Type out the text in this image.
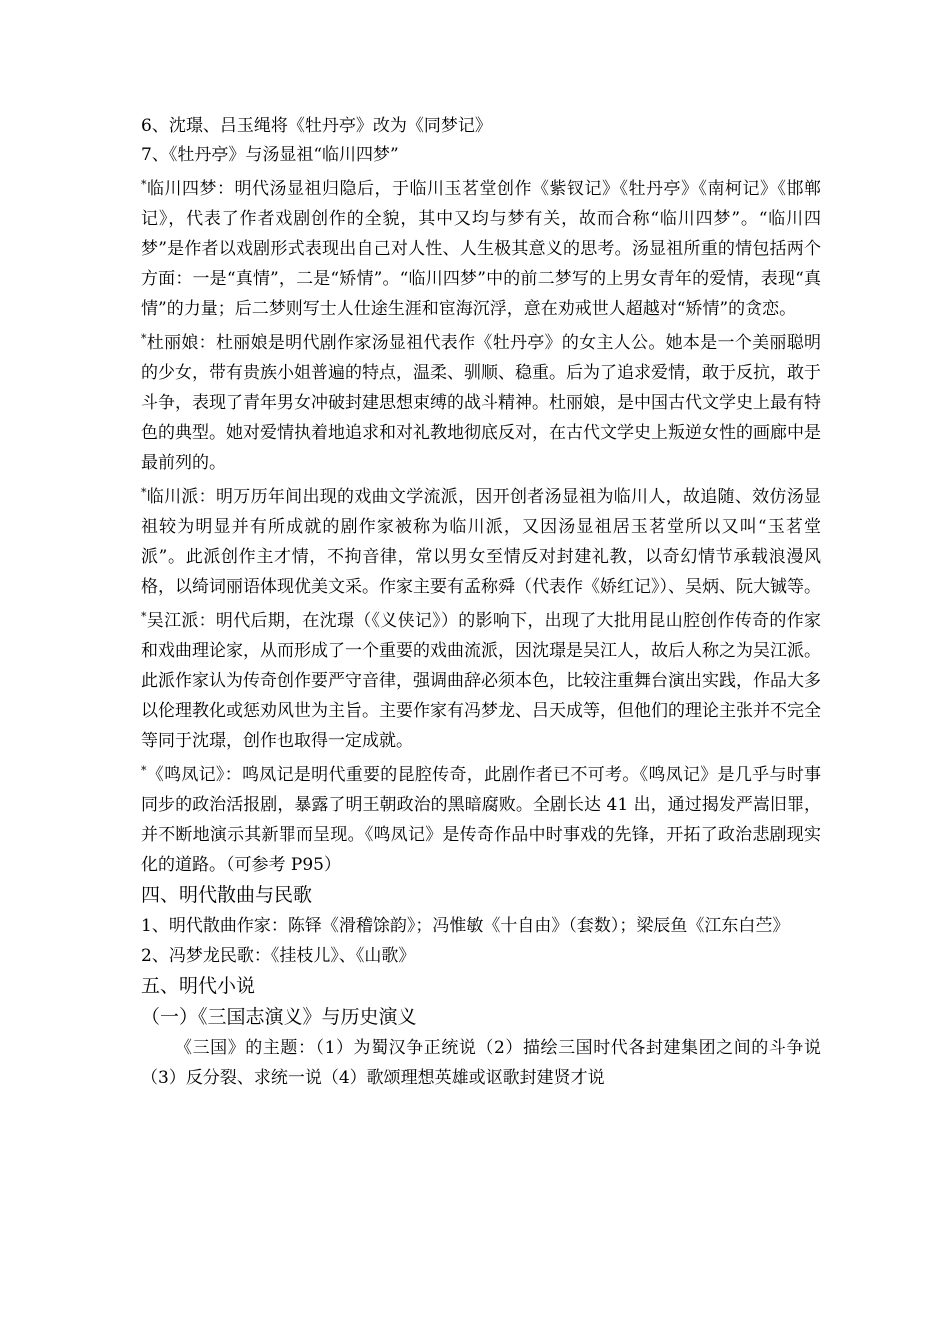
6、沈璟、吕玉绳将《牡丹亭》改为《同梦记》
7、《牡丹亭》与汤显祖“临川四梦”
*临川四梦：明代汤显祖归隐后，于临川玉茗堂创作《紫钗记》《牡丹亭》《南柯记》《邯郸记》，代表了作者戏剧创作的全貌，其中又均与梦有关，故而合称“临川四梦”。“临川四梦”是作者以戏剧形式表现出自己对人性、人生极其意义的思考。汤显祖所重的情包括两个方面：一是“真情”，二是“矫情”。“临川四梦”中的前二梦写的上男女青年的爱情，表现“真情”的力量；后二梦则写士人仕途生涯和宦海沉浮，意在劝戒世人超越对“矫情”的贪恋。
*杜丽娘：杜丽娘是明代剧作家汤显祖代表作《牡丹亭》的女主人公。她本是一个美丽聪明的少女，带有贵族小姐普遍的特点，温柔、驯顺、稳重。后为了追求爱情，敢于反抗，敢于斗争，表现了青年男女冲破封建思想束缚的战斗精神。杜丽娘，是中国古代文学史上最有特色的典型。她对爱情执着地追求和对礼教地彻底反对，在古代文学史上叛逆女性的画廊中是最前列的。
*临川派：明万历年间出现的戏曲文学流派，因开创者汤显祖为临川人，故追随、效仿汤显祖较为明显并有所成就的剧作家被称为临川派，又因汤显祖居玉茗堂所以又叫“玉茗堂派”。此派创作主才情，不拘音律，常以男女至情反对封建礼教，以奇幻情节承载浪漫风格，以绮词丽语体现优美文采。作家主要有孟称舜（代表作《娇红记》）、吴炳、阮大铖等。
*吴江派：明代后期，在沈璟（《义侠记》）的影响下，出现了大批用昆山腔创作传奇的作家和戏曲理论家，从而形成了一个重要的戏曲流派，因沈璟是吴江人，故后人称之为吴江派。此派作家认为传奇创作要严守音律，强调曲辞必须本色，比较注重舞台演出实践，作品大多以伦理教化或惩劝风世为主旨。主要作家有冯梦龙、吕天成等，但他们的理论主张并不完全等同于沈璟，创作也取得一定成就。
*《鸣凤记》：鸣凤记是明代重要的昆腔传奇，此剧作者已不可考。《鸣凤记》是几乎与时事同步的政治活报剧，暴露了明王朝政治的黑暗腐败。全剧长达 41 出，通过揭发严嵩旧罪，并不断地演示其新罪而呈现。《鸣凤记》是传奇作品中时事戏的先锋，开拓了政治悲剧现实化的道路。（可参考 P95）
四、明代散曲与民歌
1、明代散曲作家：陈铎《滑稽馀韵》；冯惟敏《十自由》（套数）；梁辰鱼《江东白苎》
2、冯梦龙民歌：《挂枝儿》、《山歌》
五、明代小说
（一）《三国志演义》与历史演义
《三国》的主题：（1）为蜀汉争正统说（2）描绘三国时代各封建集团之间的斗争说（3）反分裂、求统一说（4）歌颂理想英雄或讴歌封建贤才说
